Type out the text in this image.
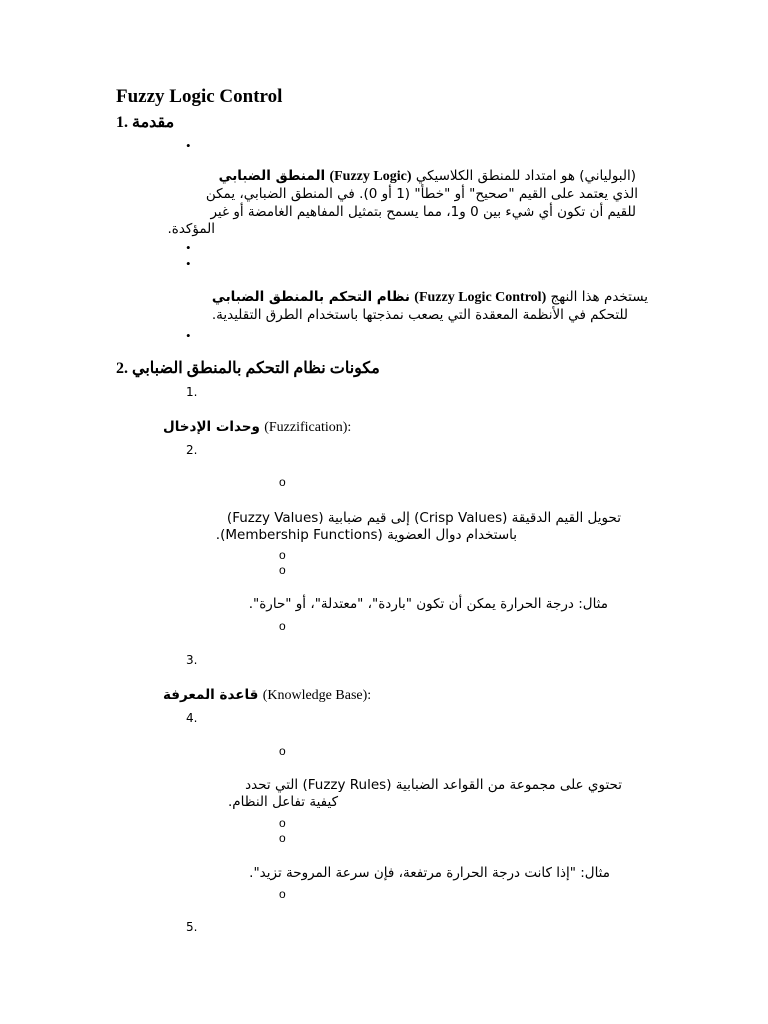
Fuzzy Logic Control
1. مقدمة
•
(البولياني) هو امتداد للمنطق الكلاسيكي (Fuzzy Logic) المنطق الضبابي
الذي يعتمد على القيم "صحيح" أو "خطأ" (1 أو 0). في المنطق الضبابي، يمكن
للقيم أن تكون أي شيء بين 0 و1، مما يسمح بتمثيل المفاهيم الغامضة أو غير
المؤكدة.
•
•
يستخدم هذا النهج (Fuzzy Logic Control) نظام التحكم بالمنطق الضبابي
للتحكم في الأنظمة المعقدة التي يصعب نمذجتها باستخدام الطرق التقليدية.
•
2. مكونات نظام التحكم بالمنطق الضبابي
1.
وحدات الإدخال (Fuzzification):
2.
o
تحويل القيم الدقيقة (Crisp Values) إلى قيم ضبابية (Fuzzy Values)
باستخدام دوال العضوية (Membership Functions).
o
o
مثال: درجة الحرارة يمكن أن تكون "باردة"، "معتدلة"، أو "حارة".
o
3.
قاعدة المعرفة (Knowledge Base):
4.
o
تحتوي على مجموعة من القواعد الضبابية (Fuzzy Rules) التي تحدد
كيفية تفاعل النظام.
o
o
مثال: "إذا كانت درجة الحرارة مرتفعة، فإن سرعة المروحة تزيد".
o
5.
